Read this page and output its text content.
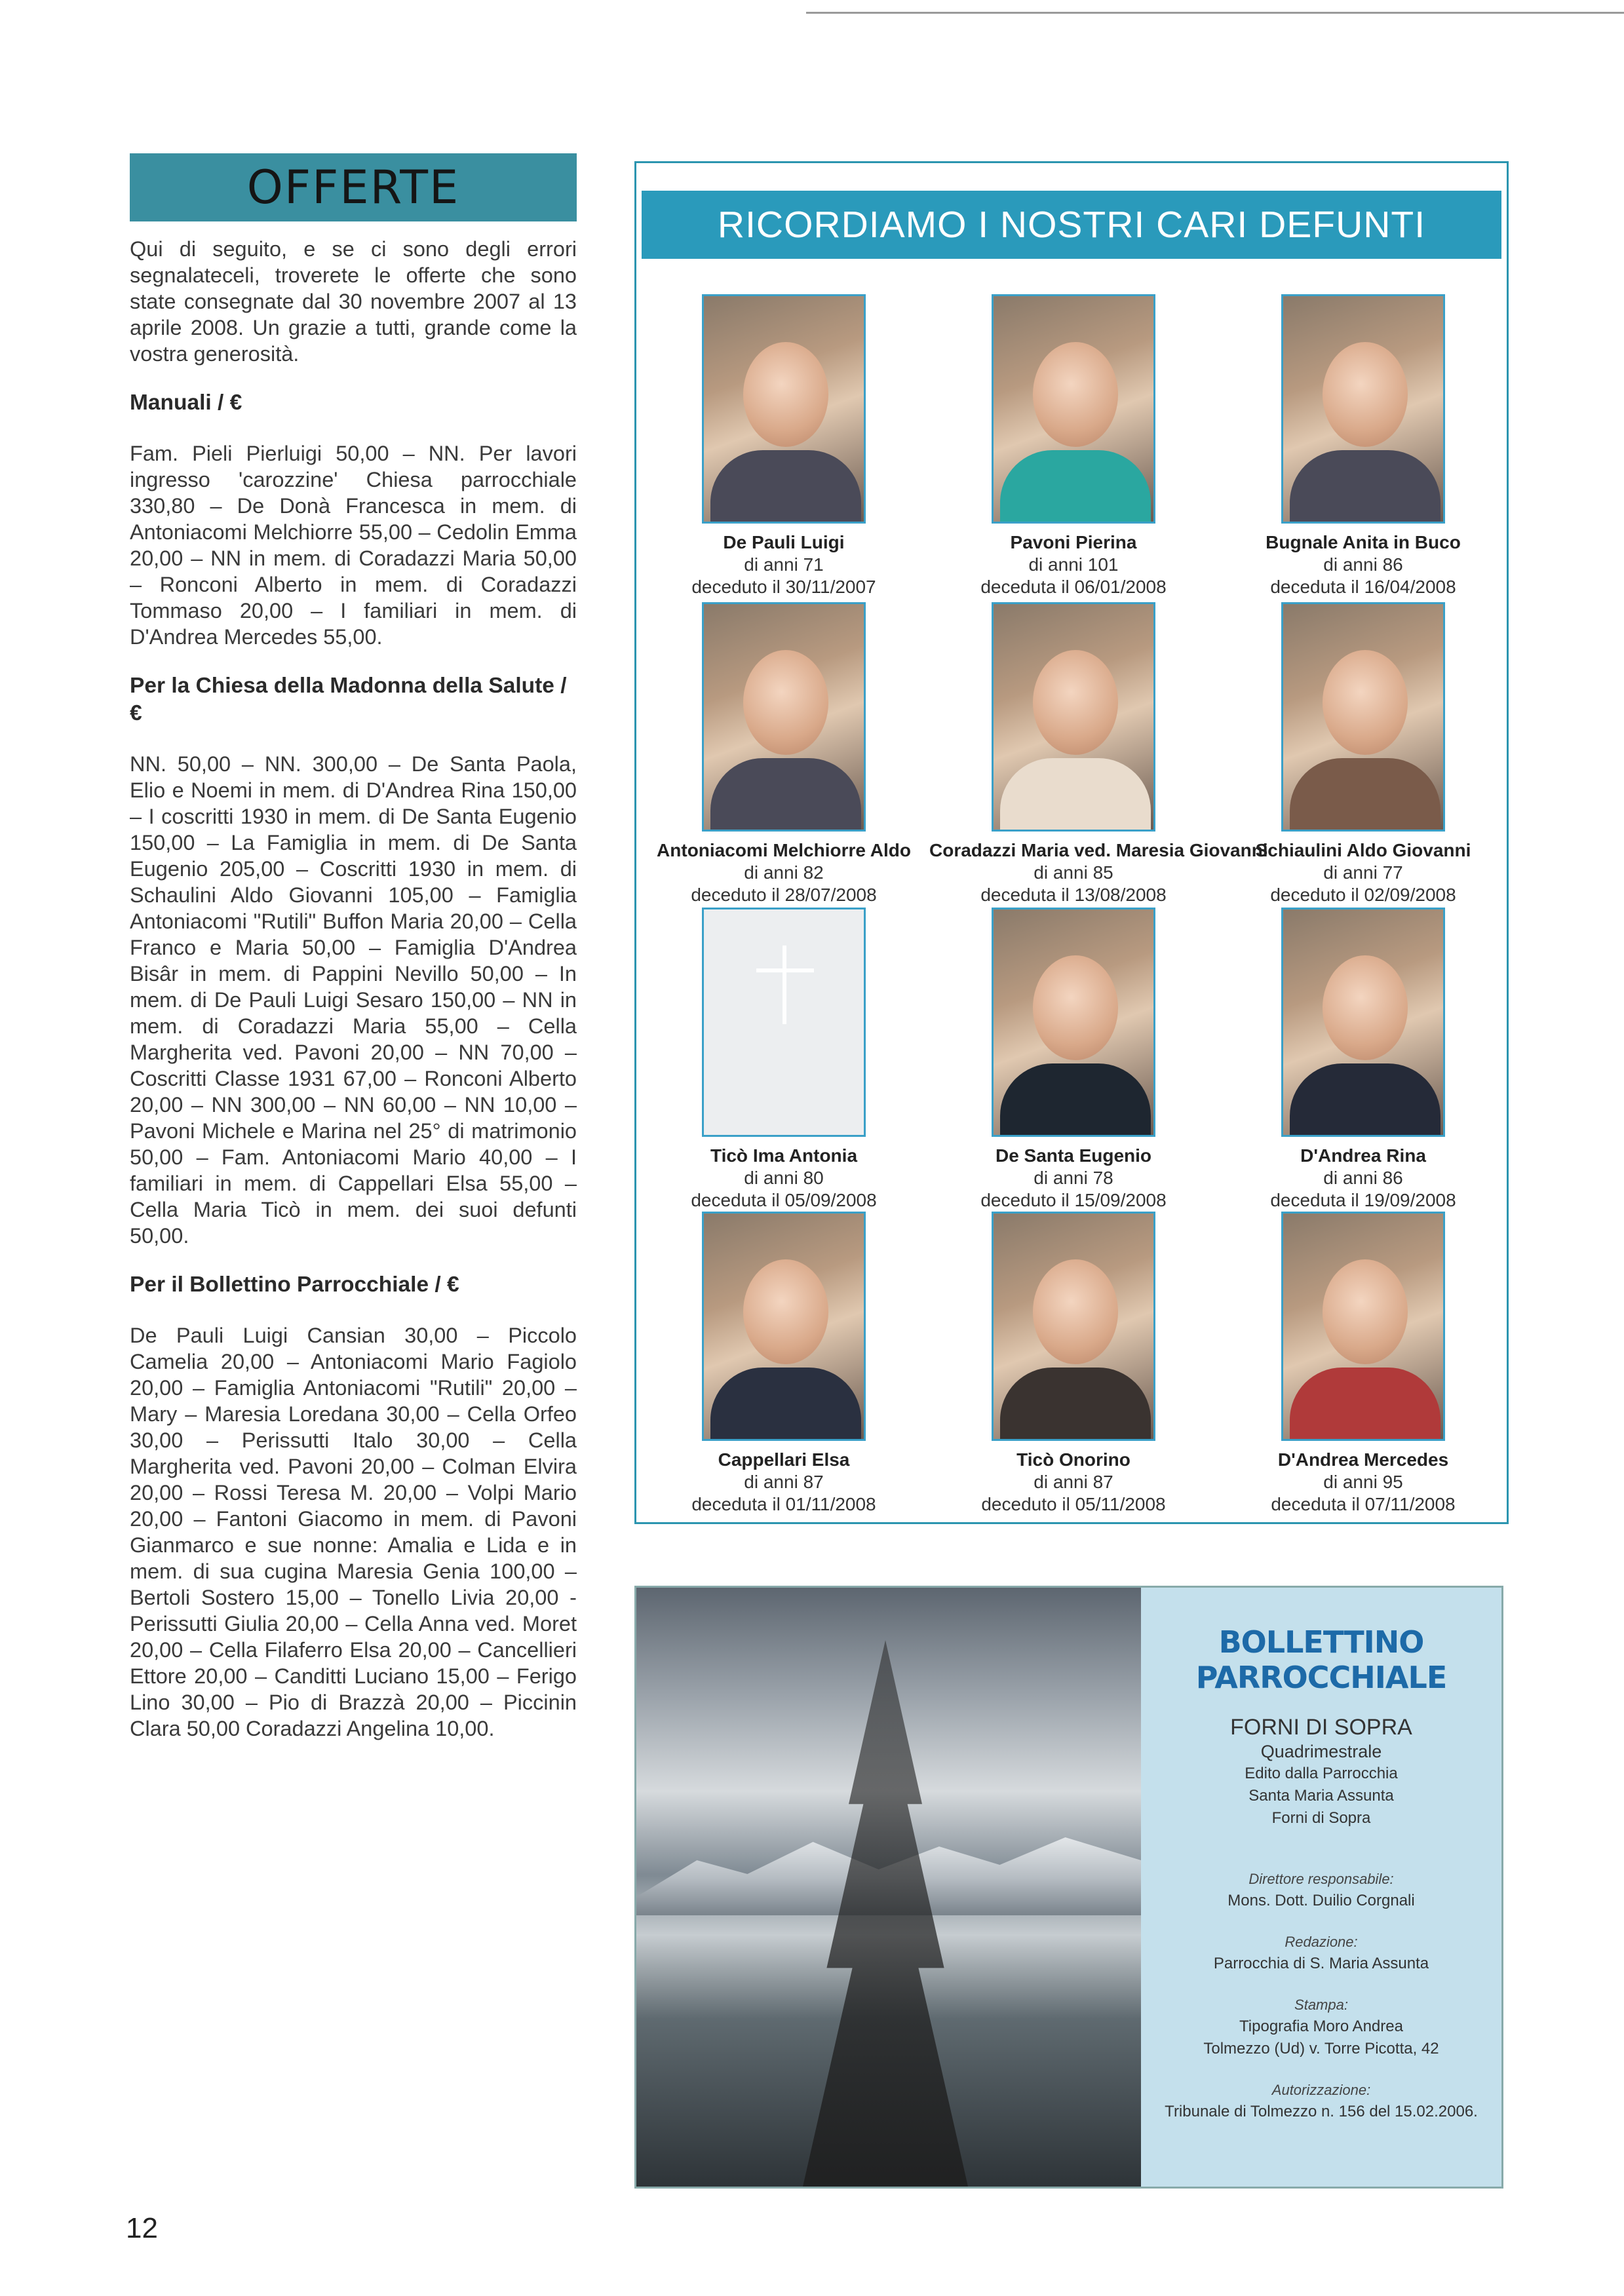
OFFERTE

Qui di seguito, e se ci sono degli errori segnalateceli, troverete le offerte che sono state consegnate dal 30 novembre 2007 al 13 aprile 2008. Un grazie a tutti, grande come la vostra generosità.

Manuali / €

Fam. Pieli Pierluigi 50,00 – NN. Per lavori ingresso 'carozzine' Chiesa parrocchiale 330,80 – De Donà Francesca in mem. di Antoniacomi Melchiorre 55,00 – Cedolin Emma 20,00 – NN in mem. di Coradazzi Maria 50,00 – Ronconi Alberto in mem. di Coradazzi Tommaso 20,00 – I familiari in mem. di D'Andrea Mercedes 55,00.

Per la Chiesa della Madonna della Salute / €

NN. 50,00 – NN. 300,00 – De Santa Paola, Elio e Noemi in mem. di D'Andrea Rina 150,00 – I coscritti 1930 in mem. di De Santa Eugenio 150,00 – La Famiglia in mem. di De Santa Eugenio 205,00 – Coscritti 1930 in mem. di Schaulini Aldo Giovanni 105,00 – Famiglia Antoniacomi "Rutili" Buffon Maria 20,00 – Cella Franco e Maria 50,00 – Famiglia D'Andrea Bisâr in mem. di Pappini Nevillo 50,00 – In mem. di De Pauli Luigi Sesaro 150,00 – NN in mem. di Coradazzi Maria 55,00 – Cella Margherita ved. Pavoni 20,00 – NN 70,00 – Coscritti Classe 1931 67,00 – Ronconi Alberto 20,00 – NN 300,00 – NN 60,00 – NN 10,00 – Pavoni Michele e Marina nel 25° di matrimonio 50,00 – Fam. Antoniacomi Mario 40,00 – I familiari in mem. di Cappellari Elsa 55,00 – Cella Maria Ticò in mem. dei suoi defunti 50,00.

Per il Bollettino Parrocchiale / €

De Pauli Luigi Cansian 30,00 – Piccolo Camelia 20,00 – Antoniacomi Mario Fagiolo 20,00 – Famiglia Antoniacomi "Rutili" 20,00 – Mary – Maresia Loredana 30,00 – Cella Orfeo 30,00 – Perissutti Italo 30,00 – Cella Margherita ved. Pavoni 20,00 – Colman Elvira 20,00 – Rossi Teresa M. 20,00 – Volpi Mario 20,00 – Fantoni Giacomo in mem. di Pavoni Gianmarco e sue nonne: Amalia e Lida e in mem. di sua cugina Maresia Genia 100,00 – Bertoli Sostero 15,00 – Tonello Livia 20,00 - Perissutti Giulia 20,00 – Cella Anna ved. Moret 20,00 – Cella Filaferro Elsa 20,00 – Cancellieri Ettore 20,00 – Canditti Luciano 15,00 – Ferigo Lino 30,00 – Pio di Brazzà 20,00 – Piccinin Clara 50,00 Coradazzi Angelina 10,00.

RICORDIAMO I NOSTRI CARI DEFUNTI
De Pauli Luigi
di anni 71
deceduto il 30/11/2007
Pavoni Pierina
di anni 101
deceduta il 06/01/2008
Bugnale Anita in Buco
di anni 86
deceduta il 16/04/2008
Antoniacomi Melchiorre Aldo
di anni 82
deceduto il 28/07/2008
Coradazzi Maria ved. Maresia Giovanni
di anni 85
deceduta il 13/08/2008
Schiaulini Aldo Giovanni
di anni 77
deceduto il 02/09/2008
Ticò Ima Antonia
di anni 80
deceduta il 05/09/2008
De Santa Eugenio
di anni 78
deceduto il 15/09/2008
D'Andrea Rina
di anni 86
deceduta il 19/09/2008
Cappellari Elsa
di anni 87
deceduta il 01/11/2008
Ticò Onorino
di anni 87
deceduto il 05/11/2008
D'Andrea Mercedes
di anni 95
deceduta il 07/11/2008
BOLLETTINO
PARROCCHIALE
FORNI DI SOPRA
Quadrimestrale
Edito dalla Parrocchia
Santa Maria Assunta
Forni di Sopra
Direttore responsabile:
Mons. Dott. Duilio Corgnali
Redazione:
Parrocchia di S. Maria Assunta
Stampa:
Tipografia Moro Andrea
Tolmezzo (Ud) v. Torre Picotta, 42
Autorizzazione:
Tribunale di Tolmezzo n. 156 del 15.02.2006.
12
